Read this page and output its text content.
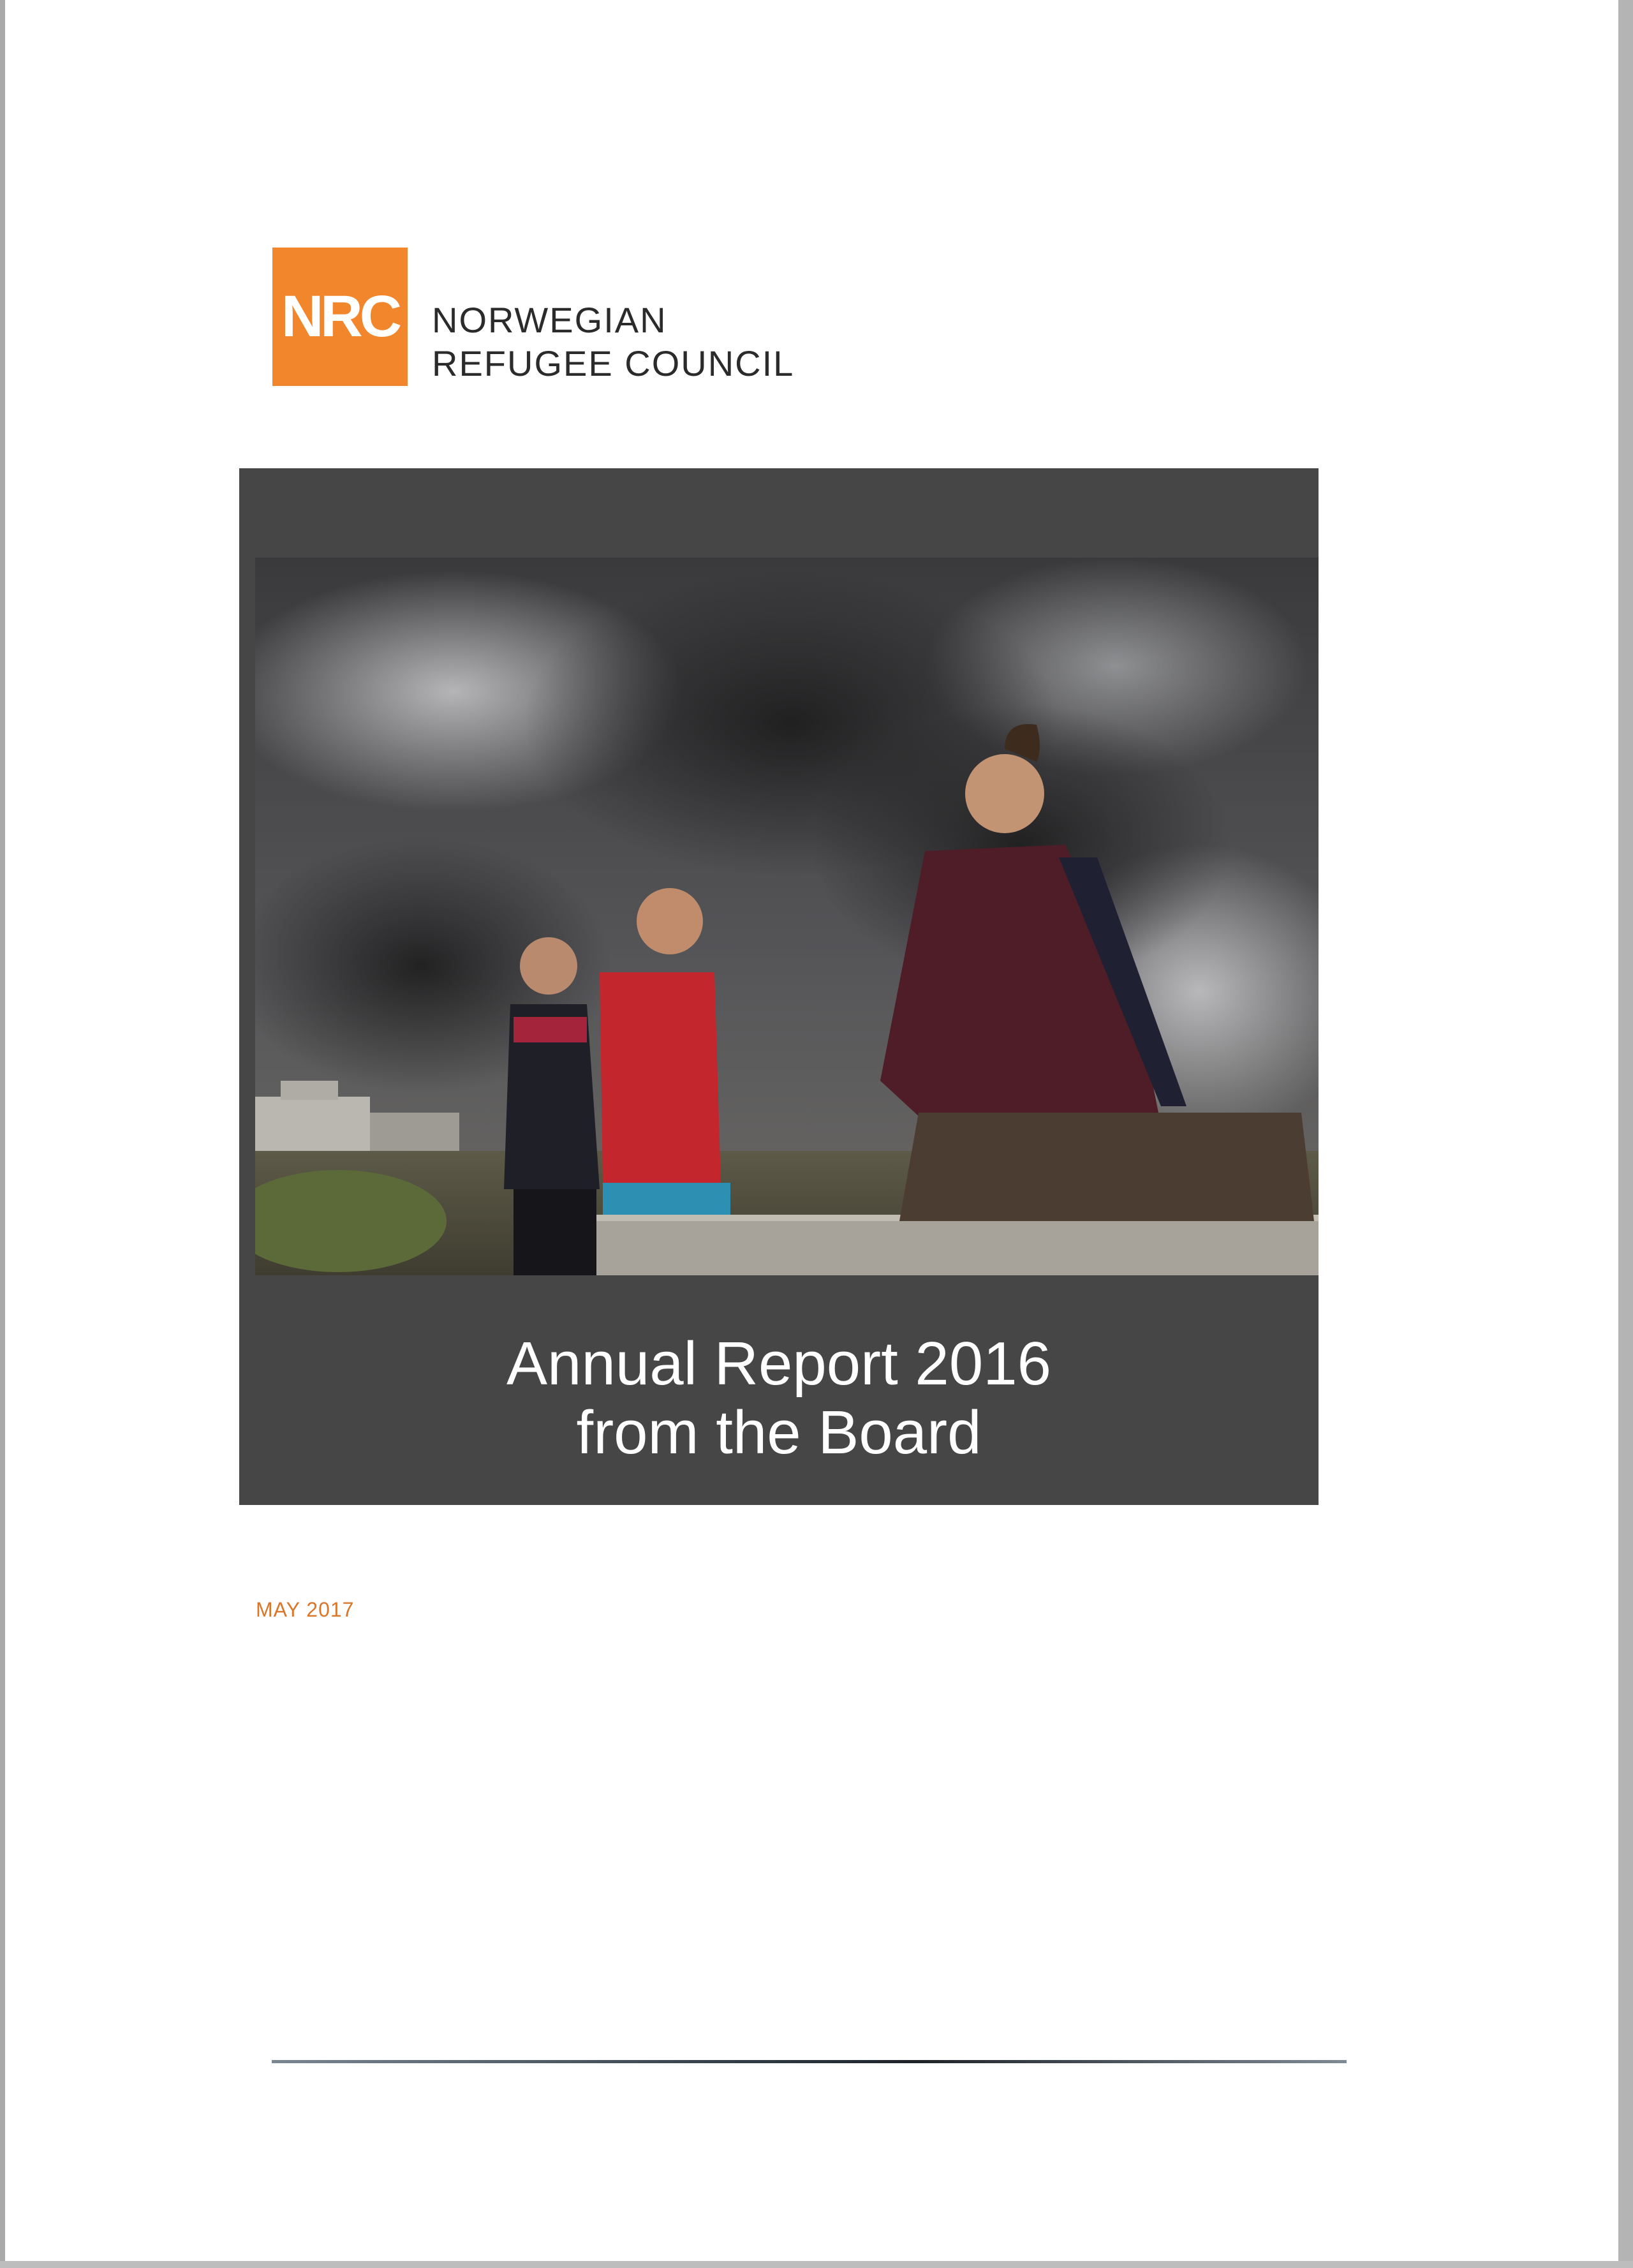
NRC NORWEGIAN
REFUGEE COUNCIL
Annual Report 2016
from the Board
MAY 2017
